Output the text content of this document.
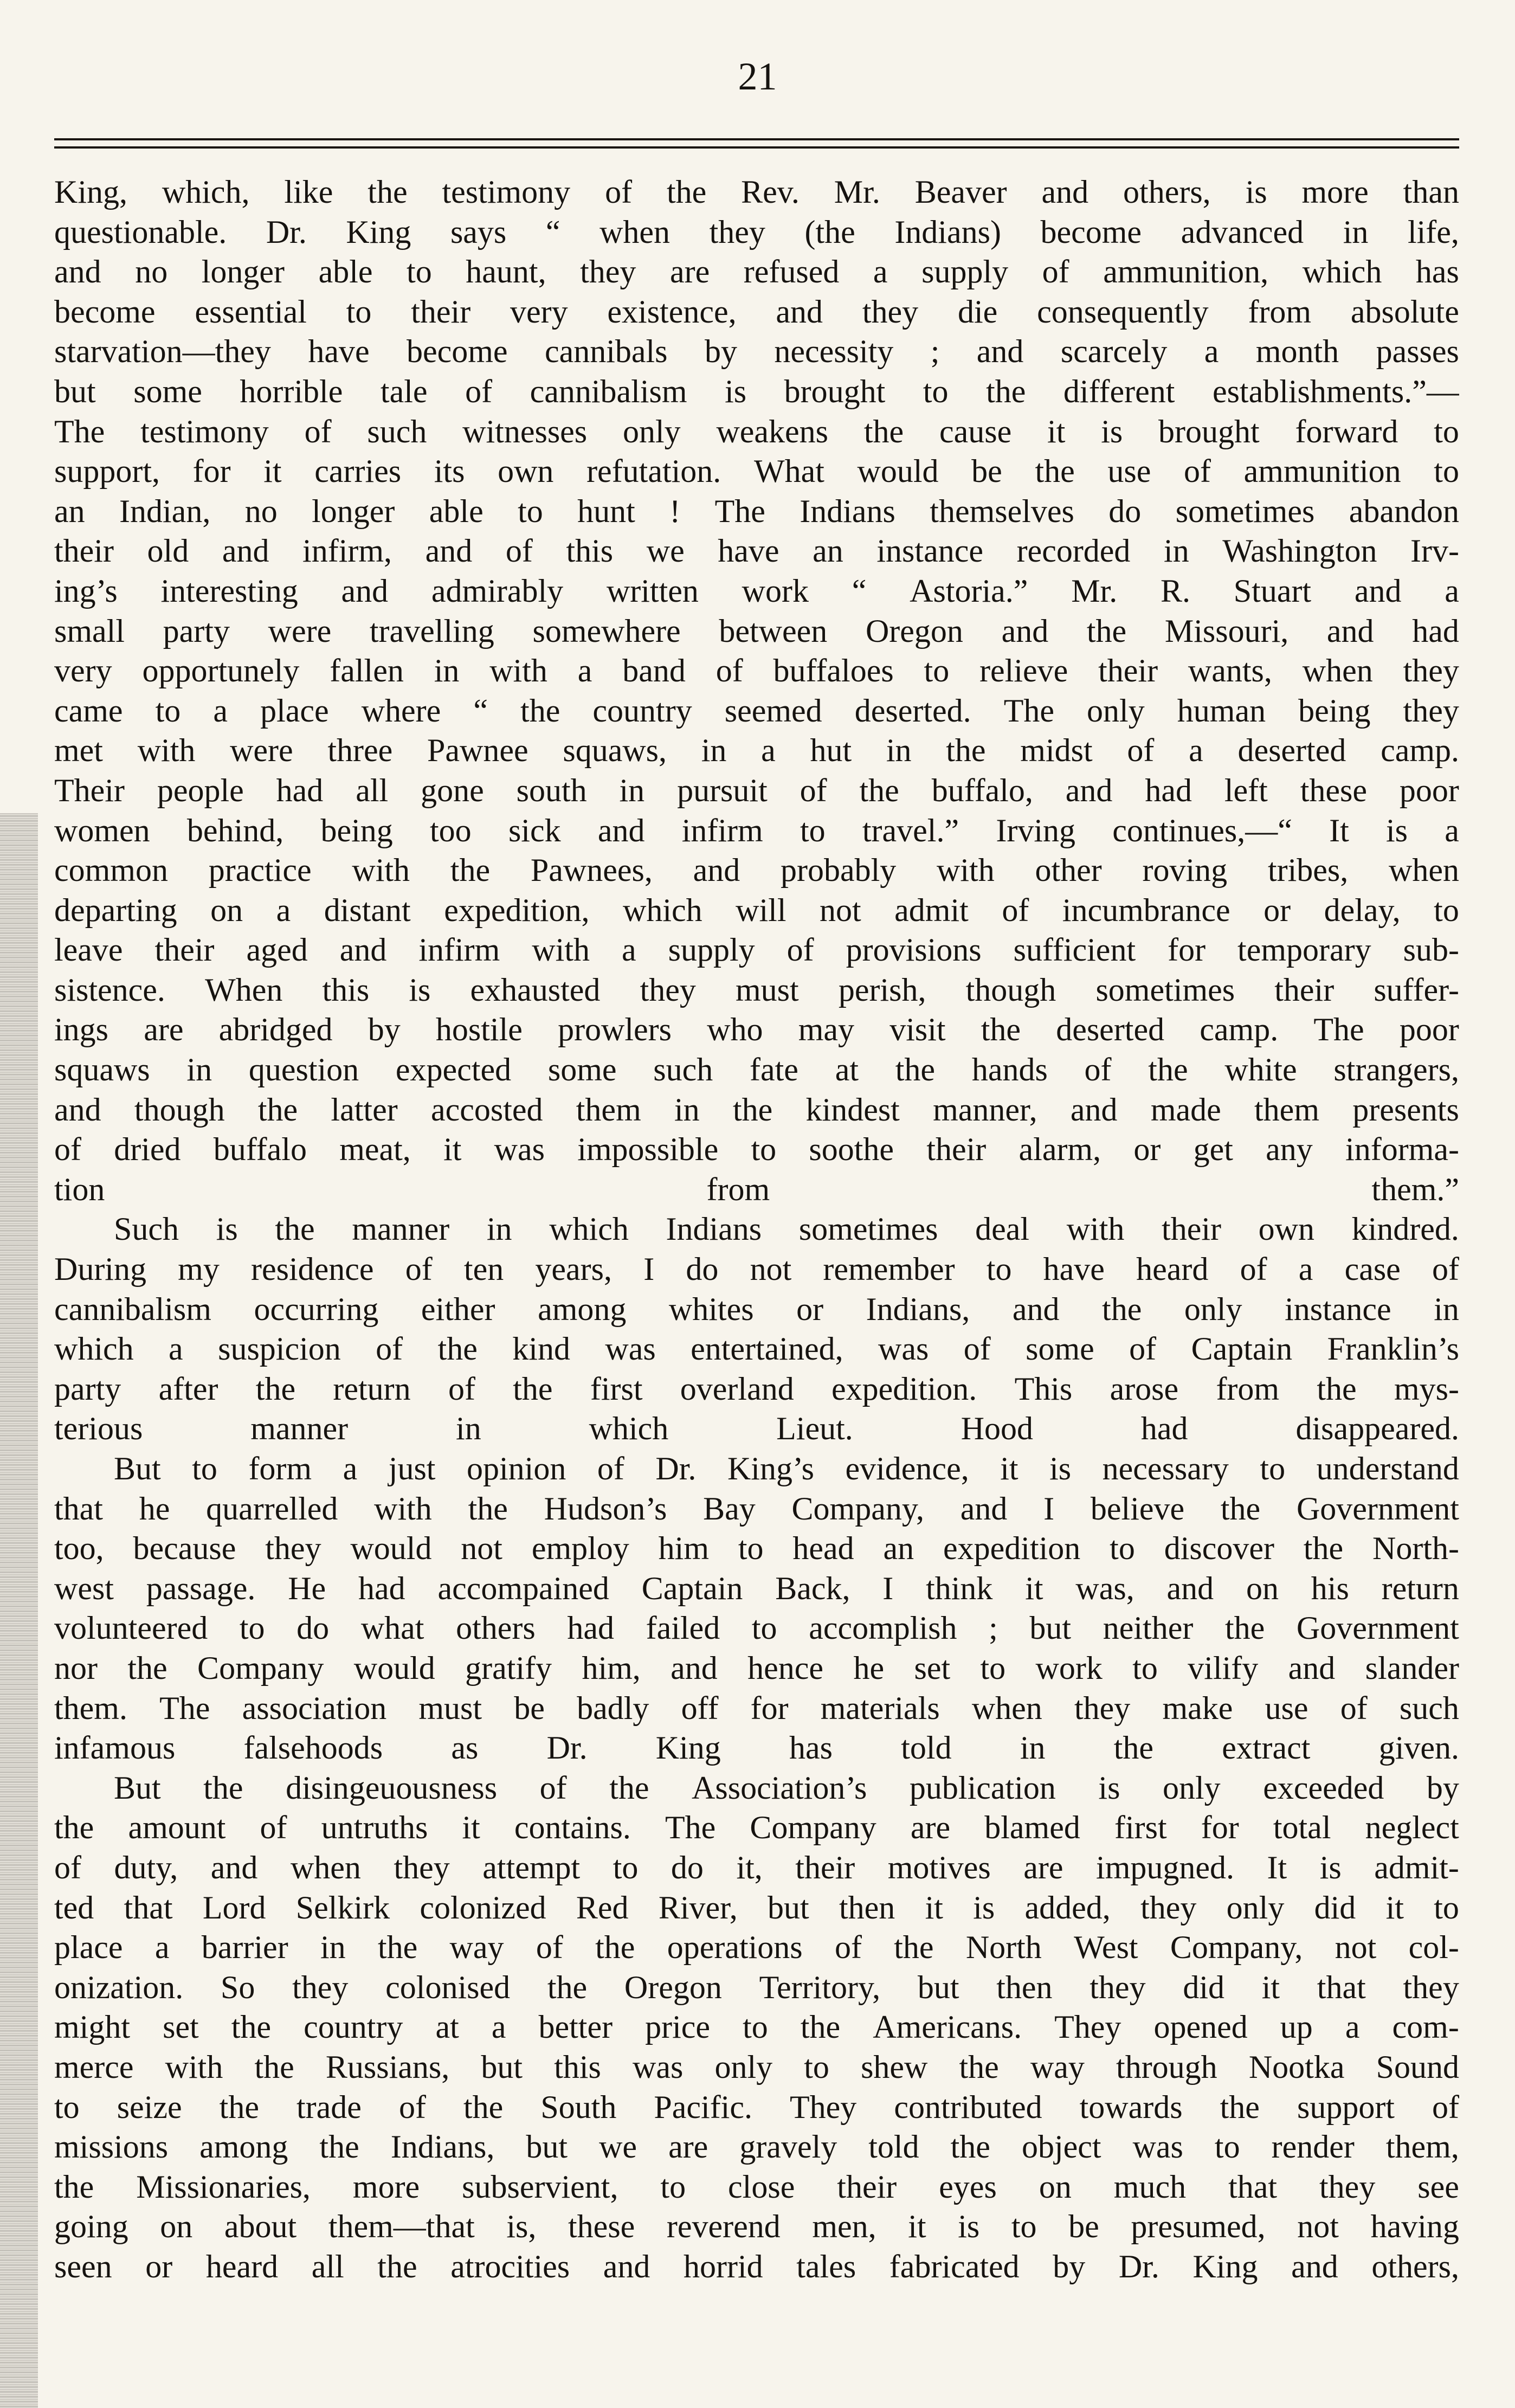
21
King, which, like the testimony of the Rev. Mr. Beaver and others, is more than
questionable. Dr. King says “ when they (the Indians) become advanced in life,
and no longer able to haunt, they are refused a supply of ammunition, which has
become essential to their very existence, and they die consequently from absolute
starvation—they have become cannibals by necessity ; and scarcely a month passes
but some horrible tale of cannibalism is brought to the different establishments.”—
The testimony of such witnesses only weakens the cause it is brought forward to
support, for it carries its own refutation. What would be the use of ammunition to
an Indian, no longer able to hunt ! The Indians themselves do sometimes abandon
their old and infirm, and of this we have an instance recorded in Washington Irv-
ing’s interesting and admirably written work “ Astoria.” Mr. R. Stuart and a
small party were travelling somewhere between Oregon and the Missouri, and had
very opportunely fallen in with a band of buffaloes to relieve their wants, when they
came to a place where “ the country seemed deserted. The only human being they
met with were three Pawnee squaws, in a hut in the midst of a deserted camp.
Their people had all gone south in pursuit of the buffalo, and had left these poor
women behind, being too sick and infirm to travel.” Irving continues,—“ It is a
common practice with the Pawnees, and probably with other roving tribes, when
departing on a distant expedition, which will not admit of incumbrance or delay, to
leave their aged and infirm with a supply of provisions sufficient for temporary sub-
sistence. When this is exhausted they must perish, though sometimes their suffer-
ings are abridged by hostile prowlers who may visit the deserted camp. The poor
squaws in question expected some such fate at the hands of the white strangers,
and though the latter accosted them in the kindest manner, and made them presents
of dried buffalo meat, it was impossible to soothe their alarm, or get any informa-
tion from them.”
Such is the manner in which Indians sometimes deal with their own kindred.
During my residence of ten years, I do not remember to have heard of a case of
cannibalism occurring either among whites or Indians, and the only instance in
which a suspicion of the kind was entertained, was of some of Captain Franklin’s
party after the return of the first overland expedition. This arose from the mys-
terious manner in which Lieut. Hood had disappeared.
But to form a just opinion of Dr. King’s evidence, it is necessary to understand
that he quarrelled with the Hudson’s Bay Company, and I believe the Government
too, because they would not employ him to head an expedition to discover the North-
west passage. He had accompained Captain Back, I think it was, and on his return
volunteered to do what others had failed to accomplish ; but neither the Government
nor the Company would gratify him, and hence he set to work to vilify and slander
them. The association must be badly off for materials when they make use of such
infamous falsehoods as Dr. King has told in the extract given.
But the disingeuousness of the Association’s publication is only exceeded by
the amount of untruths it contains. The Company are blamed first for total neglect
of duty, and when they attempt to do it, their motives are impugned. It is admit-
ted that Lord Selkirk colonized Red River, but then it is added, they only did it to
place a barrier in the way of the operations of the North West Company, not col-
onization. So they colonised the Oregon Territory, but then they did it that they
might set the country at a better price to the Americans. They opened up a com-
merce with the Russians, but this was only to shew the way through Nootka Sound
to seize the trade of the South Pacific. They contributed towards the support of
missions among the Indians, but we are gravely told the object was to render them,
the Missionaries, more subservient, to close their eyes on much that they see
going on about them—that is, these reverend men, it is to be presumed, not having
seen or heard all the atrocities and horrid tales fabricated by Dr. King and others,
